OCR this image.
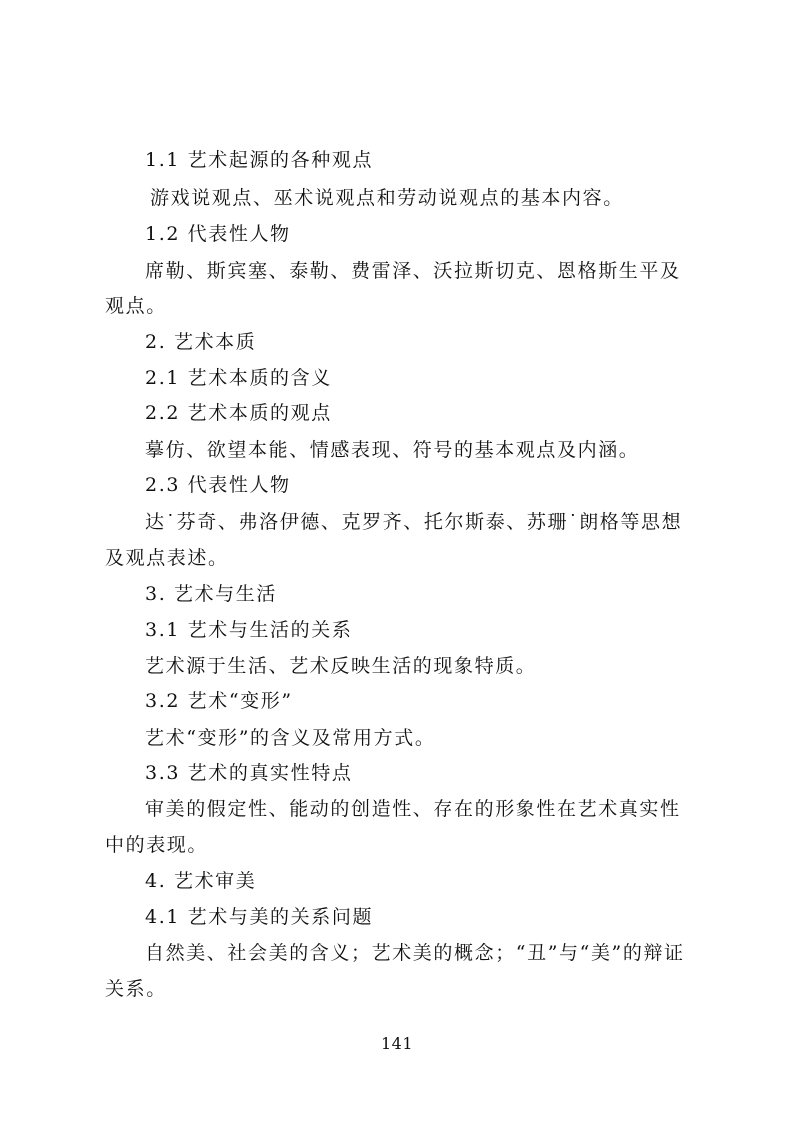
1.1 艺术起源的各种观点
游戏说观点、巫术说观点和劳动说观点的基本内容。
1.2 代表性人物
席勒、斯宾塞、泰勒、费雷泽、沃拉斯切克、恩格斯生平及
观点。
2. 艺术本质
2.1 艺术本质的含义
2.2 艺术本质的观点
摹仿、欲望本能、情感表现、符号的基本观点及内涵。
2.3 代表性人物
达˙芬奇、弗洛伊德、克罗齐、托尔斯泰、苏珊˙朗格等思想
及观点表述。
3. 艺术与生活
3.1 艺术与生活的关系
艺术源于生活、艺术反映生活的现象特质。
3.2 艺术“变形”
艺术“变形”的含义及常用方式。
3.3 艺术的真实性特点
审美的假定性、能动的创造性、存在的形象性在艺术真实性
中的表现。
4. 艺术审美
4.1 艺术与美的关系问题
自然美、社会美的含义；艺术美的概念；“丑”与“美”的辩证
关系。
141
